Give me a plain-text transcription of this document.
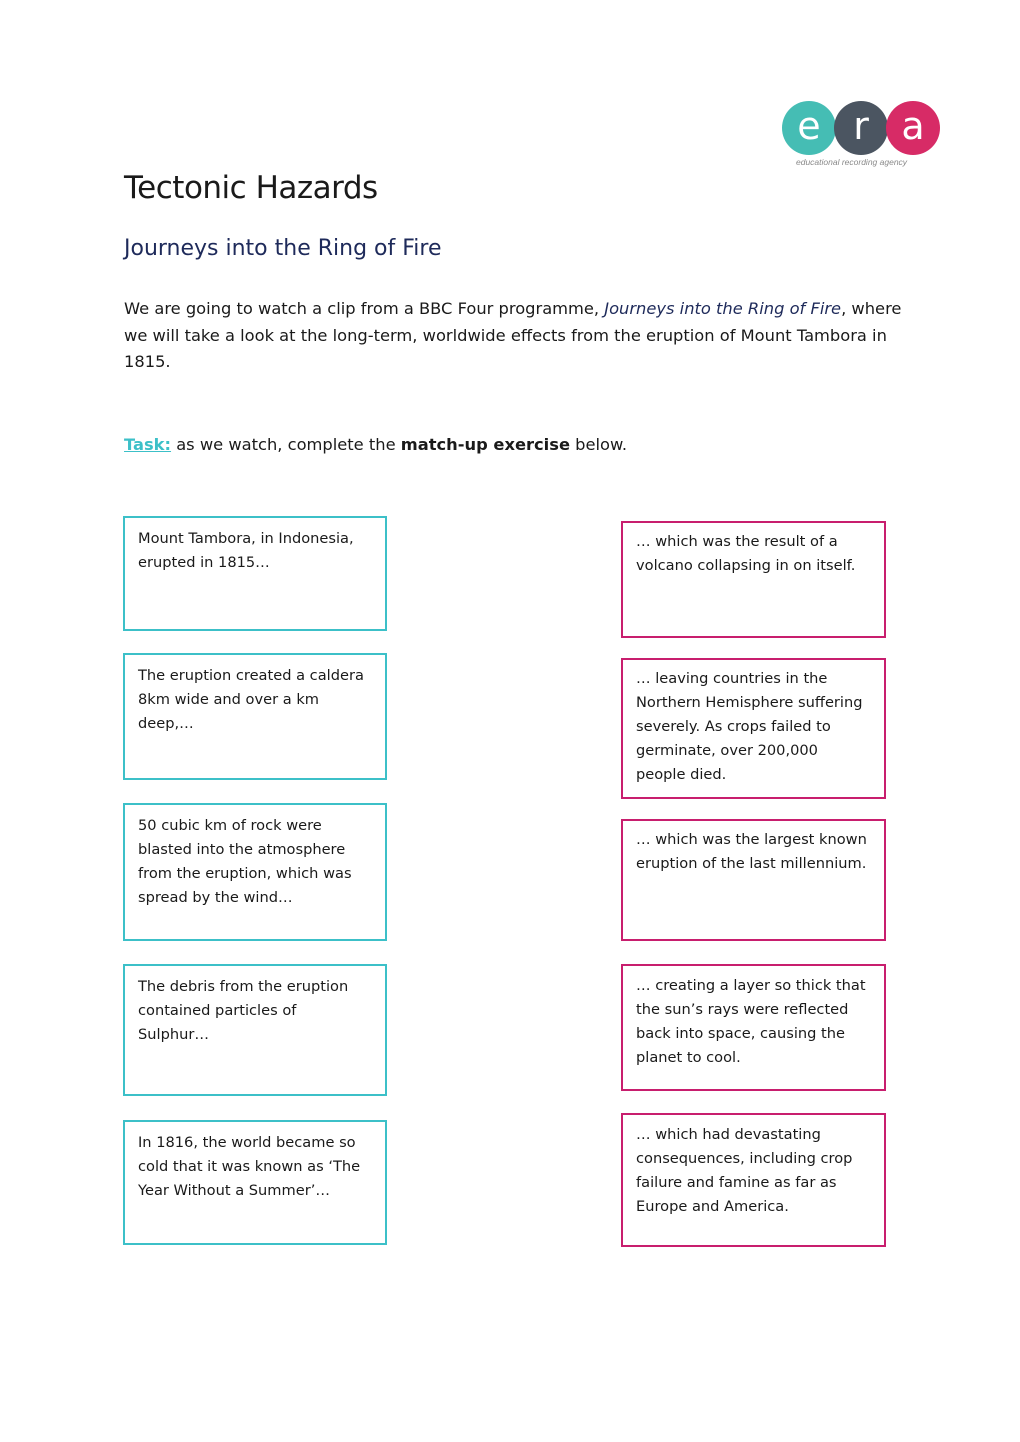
e r a
educational recording agency
Tectonic Hazards
Journeys into the Ring of Fire

We are going to watch a clip from a BBC Four programme, Journeys into the Ring of Fire, where we will take a look at the long-term, worldwide effects from the eruption of Mount Tambora in 1815.

Task: as we watch, complete the match-up exercise below.

Mount Tambora, in Indonesia, erupted in 1815…
The eruption created a caldera 8km wide and over a km deep,…
50 cubic km of rock were blasted into the atmosphere from the eruption, which was spread by the wind…
The debris from the eruption contained particles of Sulphur…
In 1816, the world became so cold that it was known as ‘The Year Without a Summer’…
… which was the result of a volcano collapsing in on itself.
… leaving countries in the Northern Hemisphere suffering severely. As crops failed to germinate, over 200,000 people died.
… which was the largest known eruption of the last millennium.
… creating a layer so thick that the sun’s rays were reflected back into space, causing the planet to cool.
… which had devastating consequences, including crop failure and famine as far as Europe and America.
